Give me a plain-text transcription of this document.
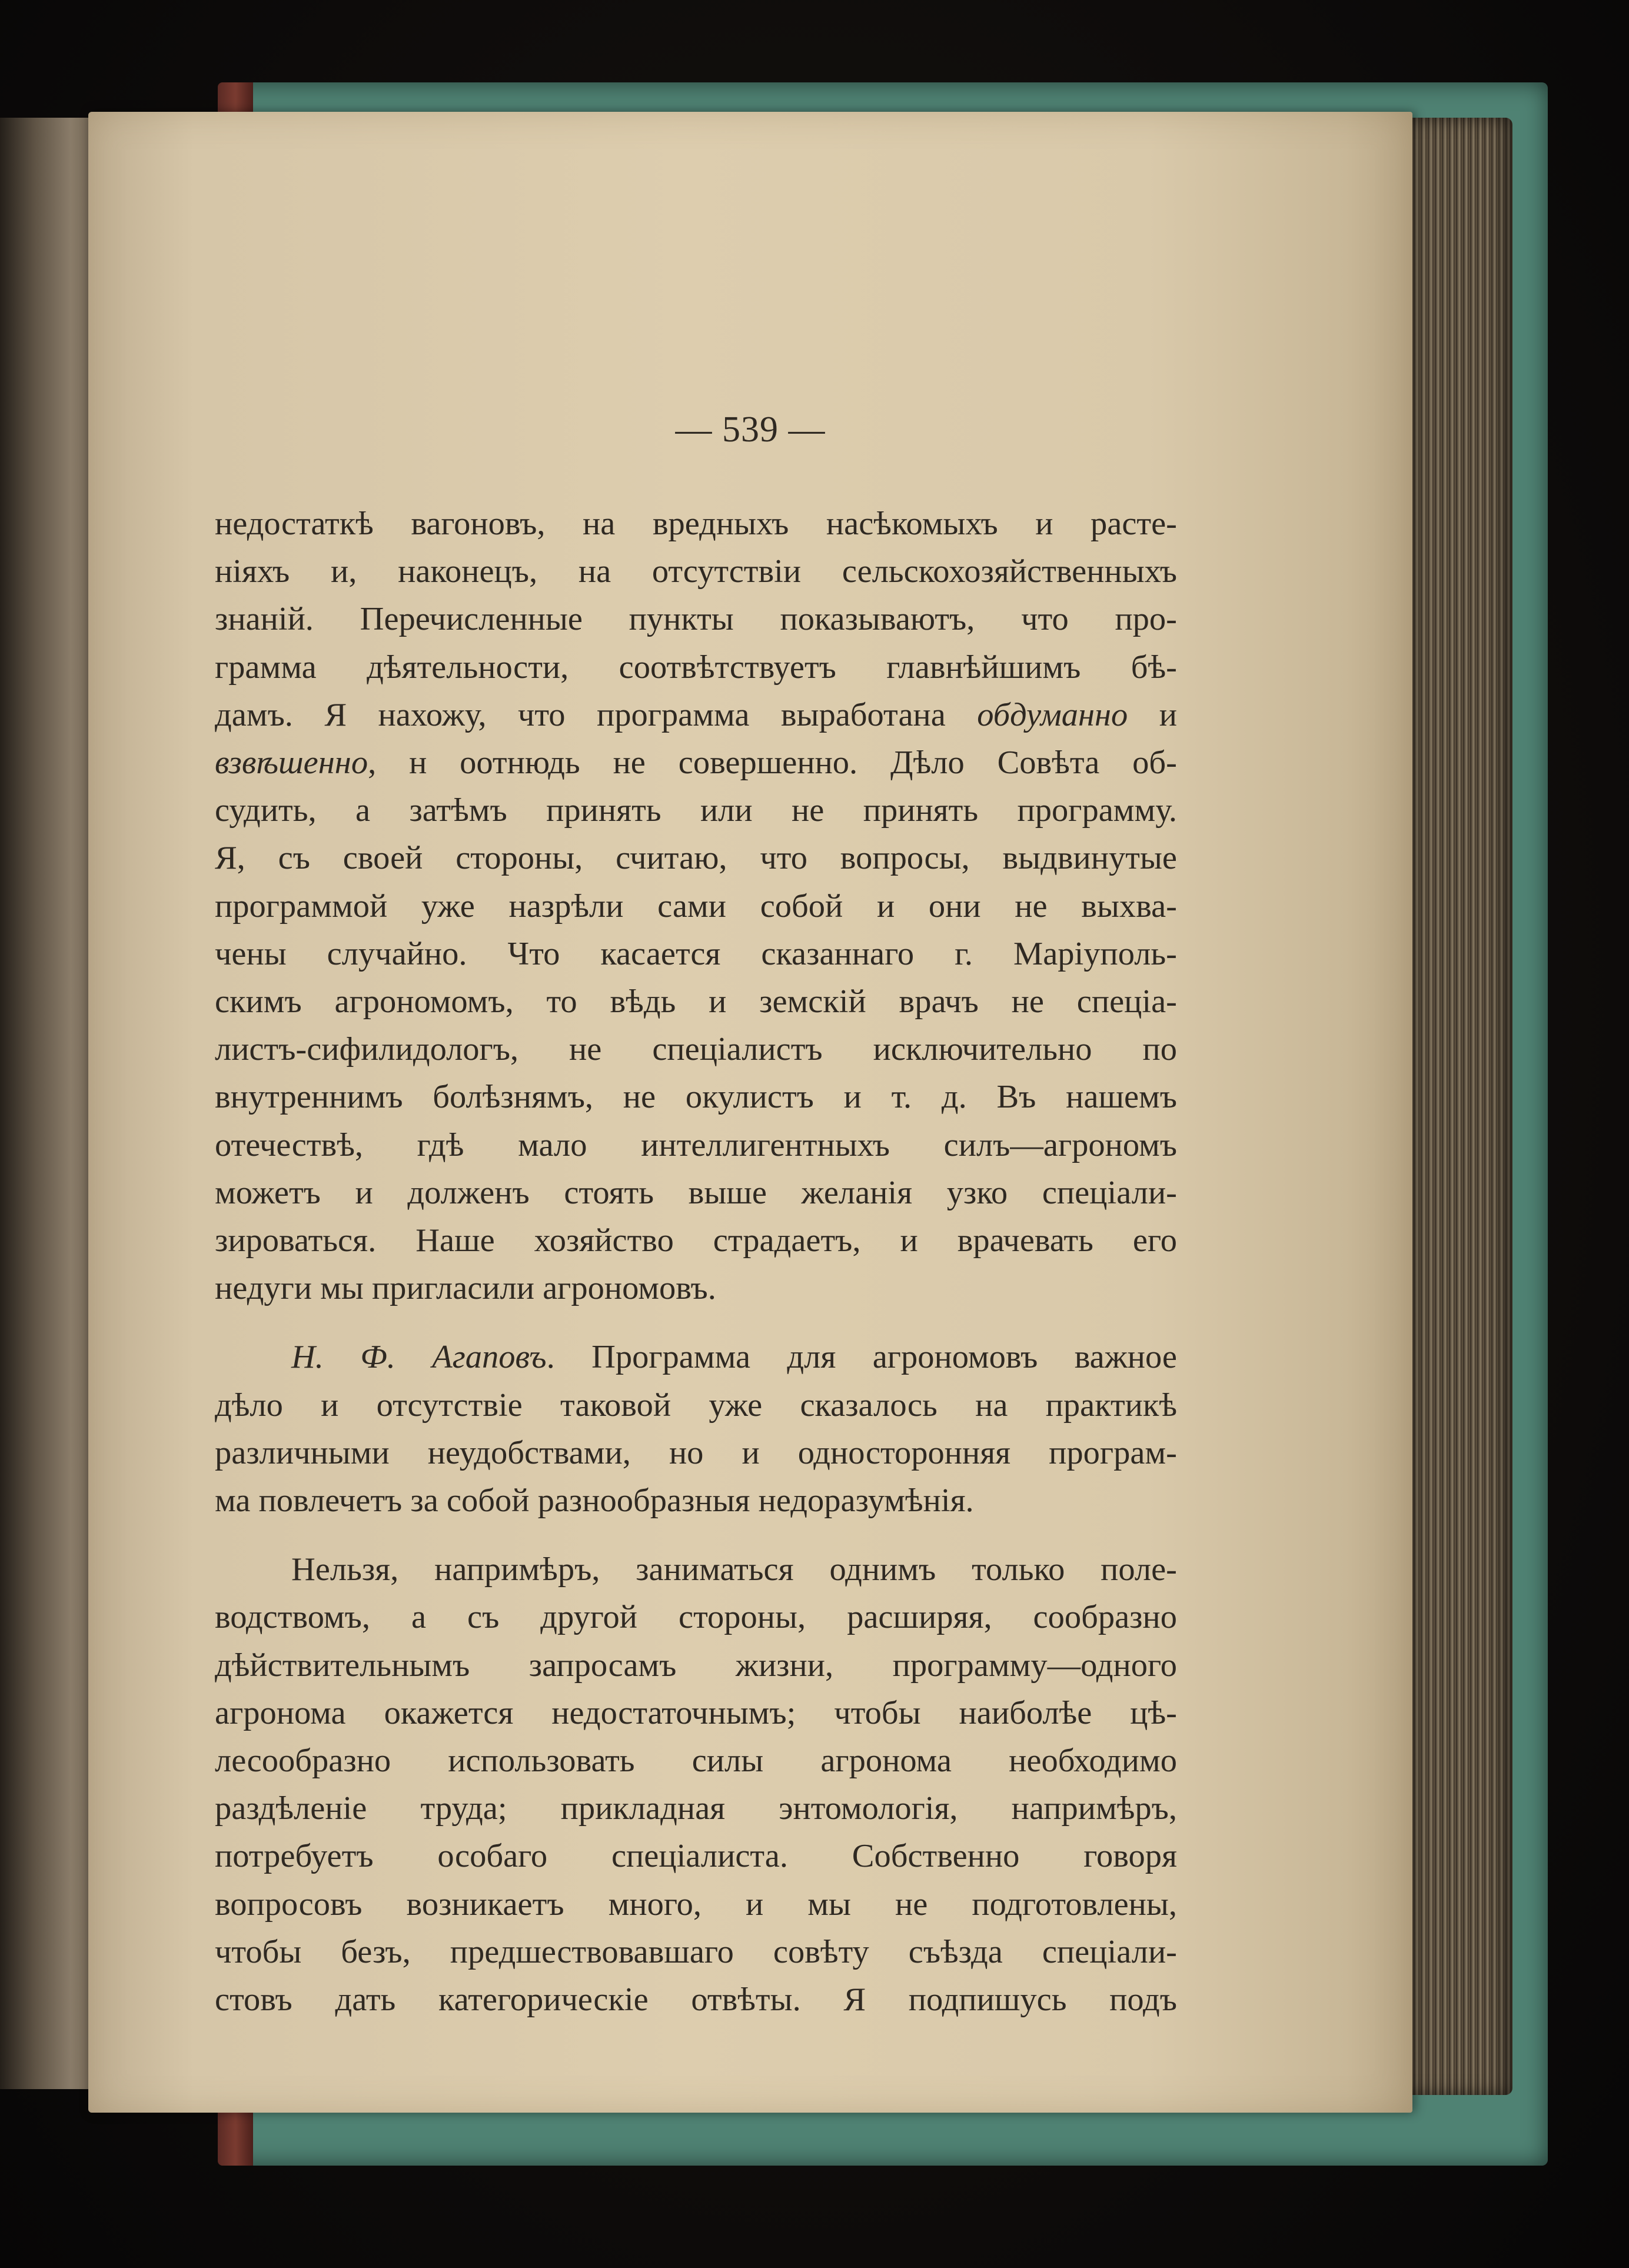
— 539 —
недостаткѣ вагоновъ, на вредныхъ насѣкомыхъ и расте-
ніяхъ и, наконецъ, на отсутствіи сельскохозяйственныхъ
знаній. Перечисленные пункты показываютъ, что про-
грамма дѣятельности, соотвѣтствуетъ главнѣйшимъ бѣ-
дамъ. Я нахожу, что программа выработана обдуманно и
взвѣшенно, н оотнюдь не совершенно. Дѣло Совѣта об-
судить, а затѣмъ принять или не принять программу.
Я, съ своей стороны, считаю, что вопросы, выдвинутые
программой уже назрѣли сами собой и они не выхва-
чены случайно. Что касается сказаннаго г. Маріуполь-
скимъ агрономомъ, то вѣдь и земскій врачъ не спеціа-
листъ-сифилидологъ, не спеціалистъ исключительно по
внутреннимъ болѣзнямъ, не окулистъ и т. д. Въ нашемъ
отечествѣ, гдѣ мало интеллигентныхъ силъ—агрономъ
можетъ и долженъ стоять выше желанія узко спеціали-
зироваться. Наше хозяйство страдаетъ, и врачевать его
недуги мы пригласили агрономовъ.
Н. Ф. Агаповъ. Программа для агрономовъ важное
дѣло и отсутствіе таковой уже сказалось на практикѣ
различными неудобствами, но и односторонняя програм-
ма повлечетъ за собой разнообразныя недоразумѣнія.
Нельзя, напримѣръ, заниматься однимъ только поле-
водствомъ, а съ другой стороны, расширяя, сообразно
дѣйствительнымъ запросамъ жизни, программу—одного
агронома окажется недостаточнымъ; чтобы наиболѣе цѣ-
лесообразно использовать силы агронома необходимо
раздѣленіе труда; прикладная энтомологія, напримѣръ,
потребуетъ особаго спеціалиста. Собственно говоря
вопросовъ возникаетъ много, и мы не подготовлены,
чтобы безъ, предшествовавшаго совѣту съѣзда спеціали-
стовъ дать категорическіе отвѣты. Я подпишусь подъ
